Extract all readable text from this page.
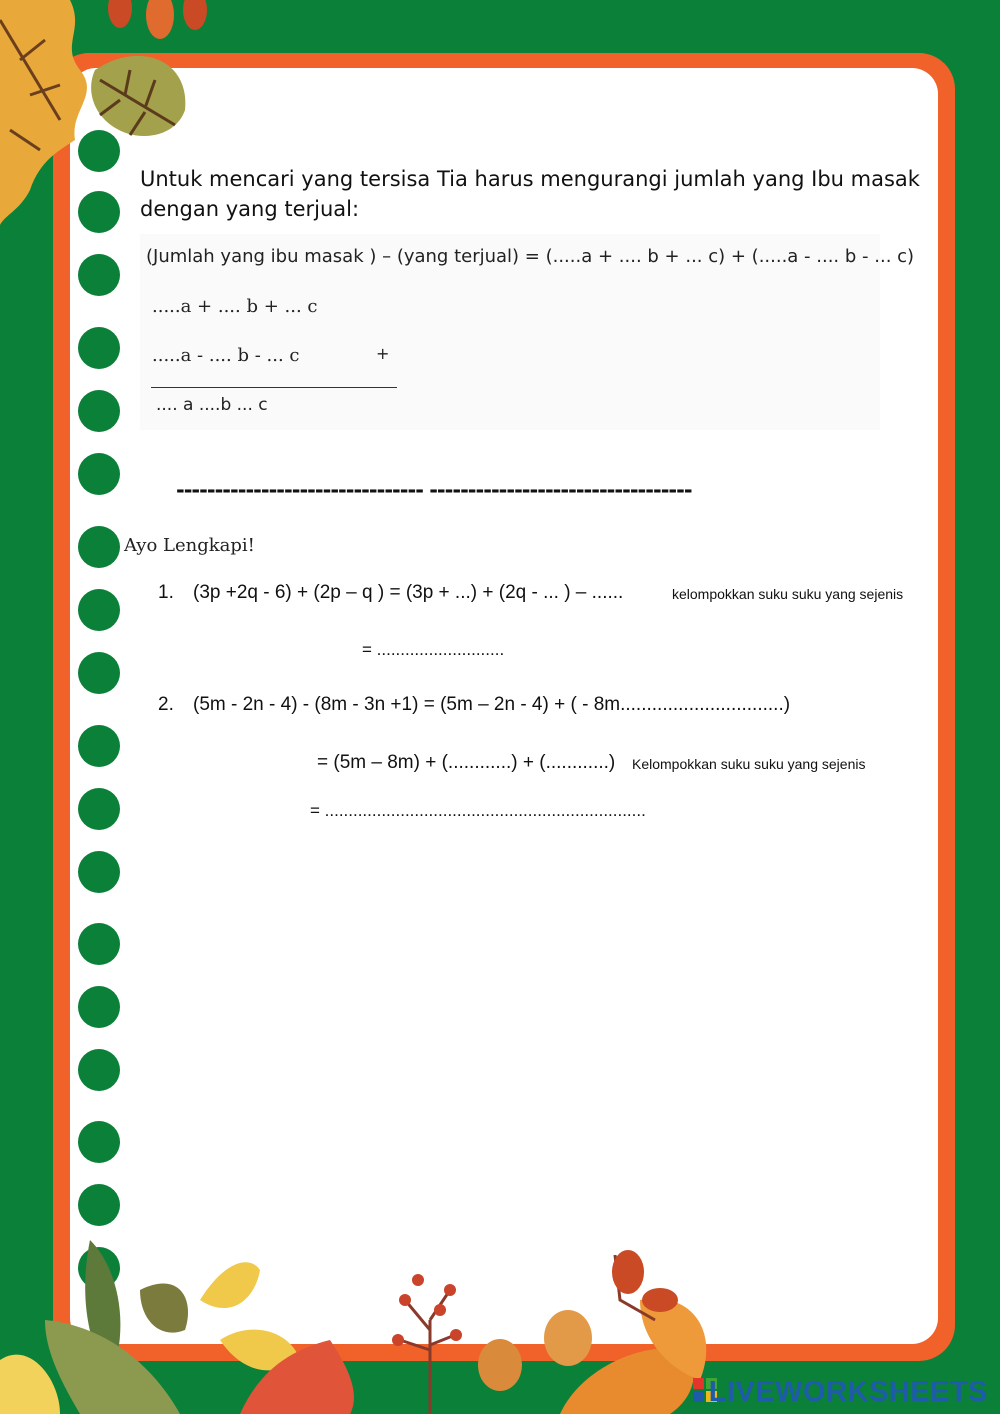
Untuk mencari yang tersisa Tia harus mengurangi jumlah yang Ibu masak
dengan yang terjual:
(Jumlah yang ibu masak ) – (yang terjual) = (.....a + .... b + ... c) + (.....a - .... b - ... c)
.....a + .... b + ... c
.....a - .... b - ... c	+
.... a ....b ... c
-------------------------------- ----------------------------------
Ayo Lengkapi!
1. (3p +2q - 6) + (2p – q ) = (3p + ...) + (2q - ... ) – ......	kelompokkan suku suku yang sejenis
= ...........................
2. (5m - 2n - 4) - (8m - 3n +1) = (5m – 2n - 4) + ( - 8m...............................)
= (5m – 8m) + (............) + (............) Kelompokkan suku suku yang sejenis
= ....................................................................
LIVEWORKSHEETS
